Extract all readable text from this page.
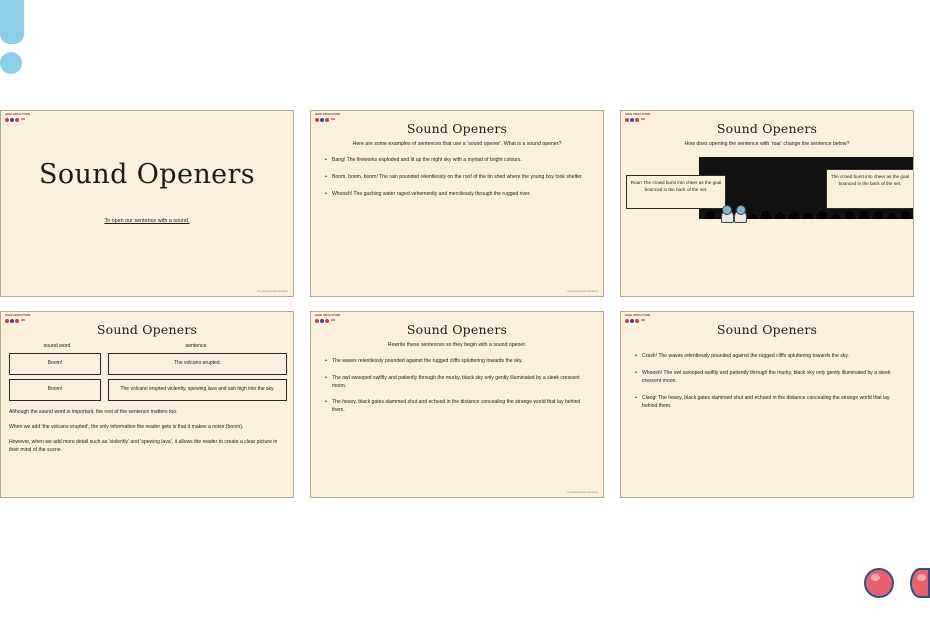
HIGH EDUCATION
UK
Sound Openers
To open our sentence with a sound.
Key Educational Company
HIGH EDUCATION
UK
Sound Openers
Here are some examples of sentences that use a 'sound opener'. What is a sound opener?
• Bang! The fireworks exploded and lit up the night sky with a myriad of bright colours.
• Boom, boom, boom! The rain pounded relentlessly on the roof of the tin shed where the young boy took shelter.
• Whoosh! The gushing water raged vehemently and mercilessly through the rugged river.
Key Educational Company
HIGH EDUCATION
UK
Sound Openers
How does opening the sentence with 'roar' change the sentence below?
Roar! The crowd burst into cheer as the goal bounced in the back of the net.
The crowd burst into cheer as the goal bounced in the back of the net.
Talk to your partner.
HIGH EDUCATION
UK
Sound Openers
sound word	sentence
Boom!	The volcano erupted.
Boom!	The volcano erupted violently, spewing lava and ash high into the sky.

Although the sound word is important, the rest of the sentence matters too.

When we add 'the volcano erupted', the only information the reader gets is that it makes a noise (boom).

However, when we add more detail such as 'violently' and 'spewing lava', it allows the reader to create a clear picture in their mind of the scene.

HIGH EDUCATION
UK
Sound Openers
Rewrite these sentences so they begin with a sound opener.
• The waves relentlessly pounded against the rugged cliffs spluttering towards the sky.
• The owl swooped swiftly and patiently through the murky, black sky only gently illuminated by a sleek crescent moon.
• The heavy, black gates slammed shut and echoed in the distance concealing the strange world that lay behind them.
Key Educational Company
HIGH EDUCATION
UK
Sound Openers
• Crash! The waves relentlessly pounded against the rugged cliffs spluttering towards the sky.
• Whoosh! The owl swooped swiftly and patiently through the murky, black sky only gently illuminated by a sleek crescent moon.
• Clang! The heavy, black gates slammed shut and echoed in the distance concealing the strange world that lay behind them.
